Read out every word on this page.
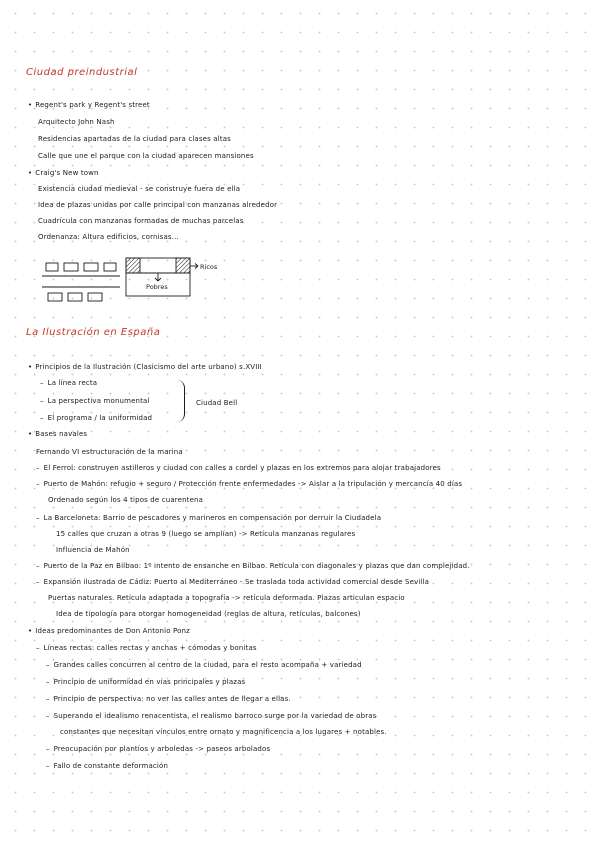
Ciudad preindustrial
• Regent's park y Regent's street
Arquitecto John Nash
Residencias apartadas de la ciudad para clases altas
Calle que une el parque con la ciudad aparecen mansiones
• Craig's New town
Existencia ciudad medieval - se construye fuera de ella
Idea de plazas unidas por calle principal con manzanas alrededor
Cuadrícula con manzanas formadas de muchas parcelas
Ordenanza: Altura edificios, cornisas...
Ricos
Pobres
La Ilustración en España
• Principios de la Ilustración (Clasicismo del arte urbano) s.XVIII
– La línea recta
– La perspectiva monumental
– El programa / la uniformidad
Ciudad Bell
• Bases navales
Fernando VI estructuración de la marina
– El Ferrol: construyen astilleros y ciudad con calles a cordel y plazas en los extremos para alojar trabajadores
– Puerto de Mahón: refugio + seguro / Protección frente enfermedades -> Aislar a la tripulación y mercancía 40 días
Ordenado según los 4 tipos de cuarentena
– La Barceloneta: Barrio de pescadores y marineros en compensación por derruir la Ciudadela
15 calles que cruzan a otras 9 (luego se amplían) -> Retícula manzanas regulares
Influencia de Mahón
– Puerto de la Paz en Bilbao: 1º intento de ensanche en Bilbao. Retícula con diagonales y plazas que dan complejidad.
– Expansión ilustrada de Cádiz: Puerto al Mediterráneo - Se traslada toda actividad comercial desde Sevilla
Puertas naturales. Retícula adaptada a topografía -> retícula deformada. Plazas articulan espacio
Idea de tipología para otorgar homogeneidad (reglas de altura, retículas, balcones)
• Ideas predominantes de Don Antonio Ponz
– Líneas rectas: calles rectas y anchas + cómodas y bonitas
– Grandes calles concurren al centro de la ciudad, para el resto acompaña + variedad
– Principio de uniformidad en vías principales y plazas
– Principio de perspectiva: no ver las calles antes de llegar a ellas.
– Superando el idealismo renacentista, el realismo barroco surge por la variedad de obras
constantes que necesitan vínculos entre ornato y magnificencia a los lugares + notables.
– Preocupación por plantíos y arboledas -> paseos arbolados
– Fallo de constante deformación
